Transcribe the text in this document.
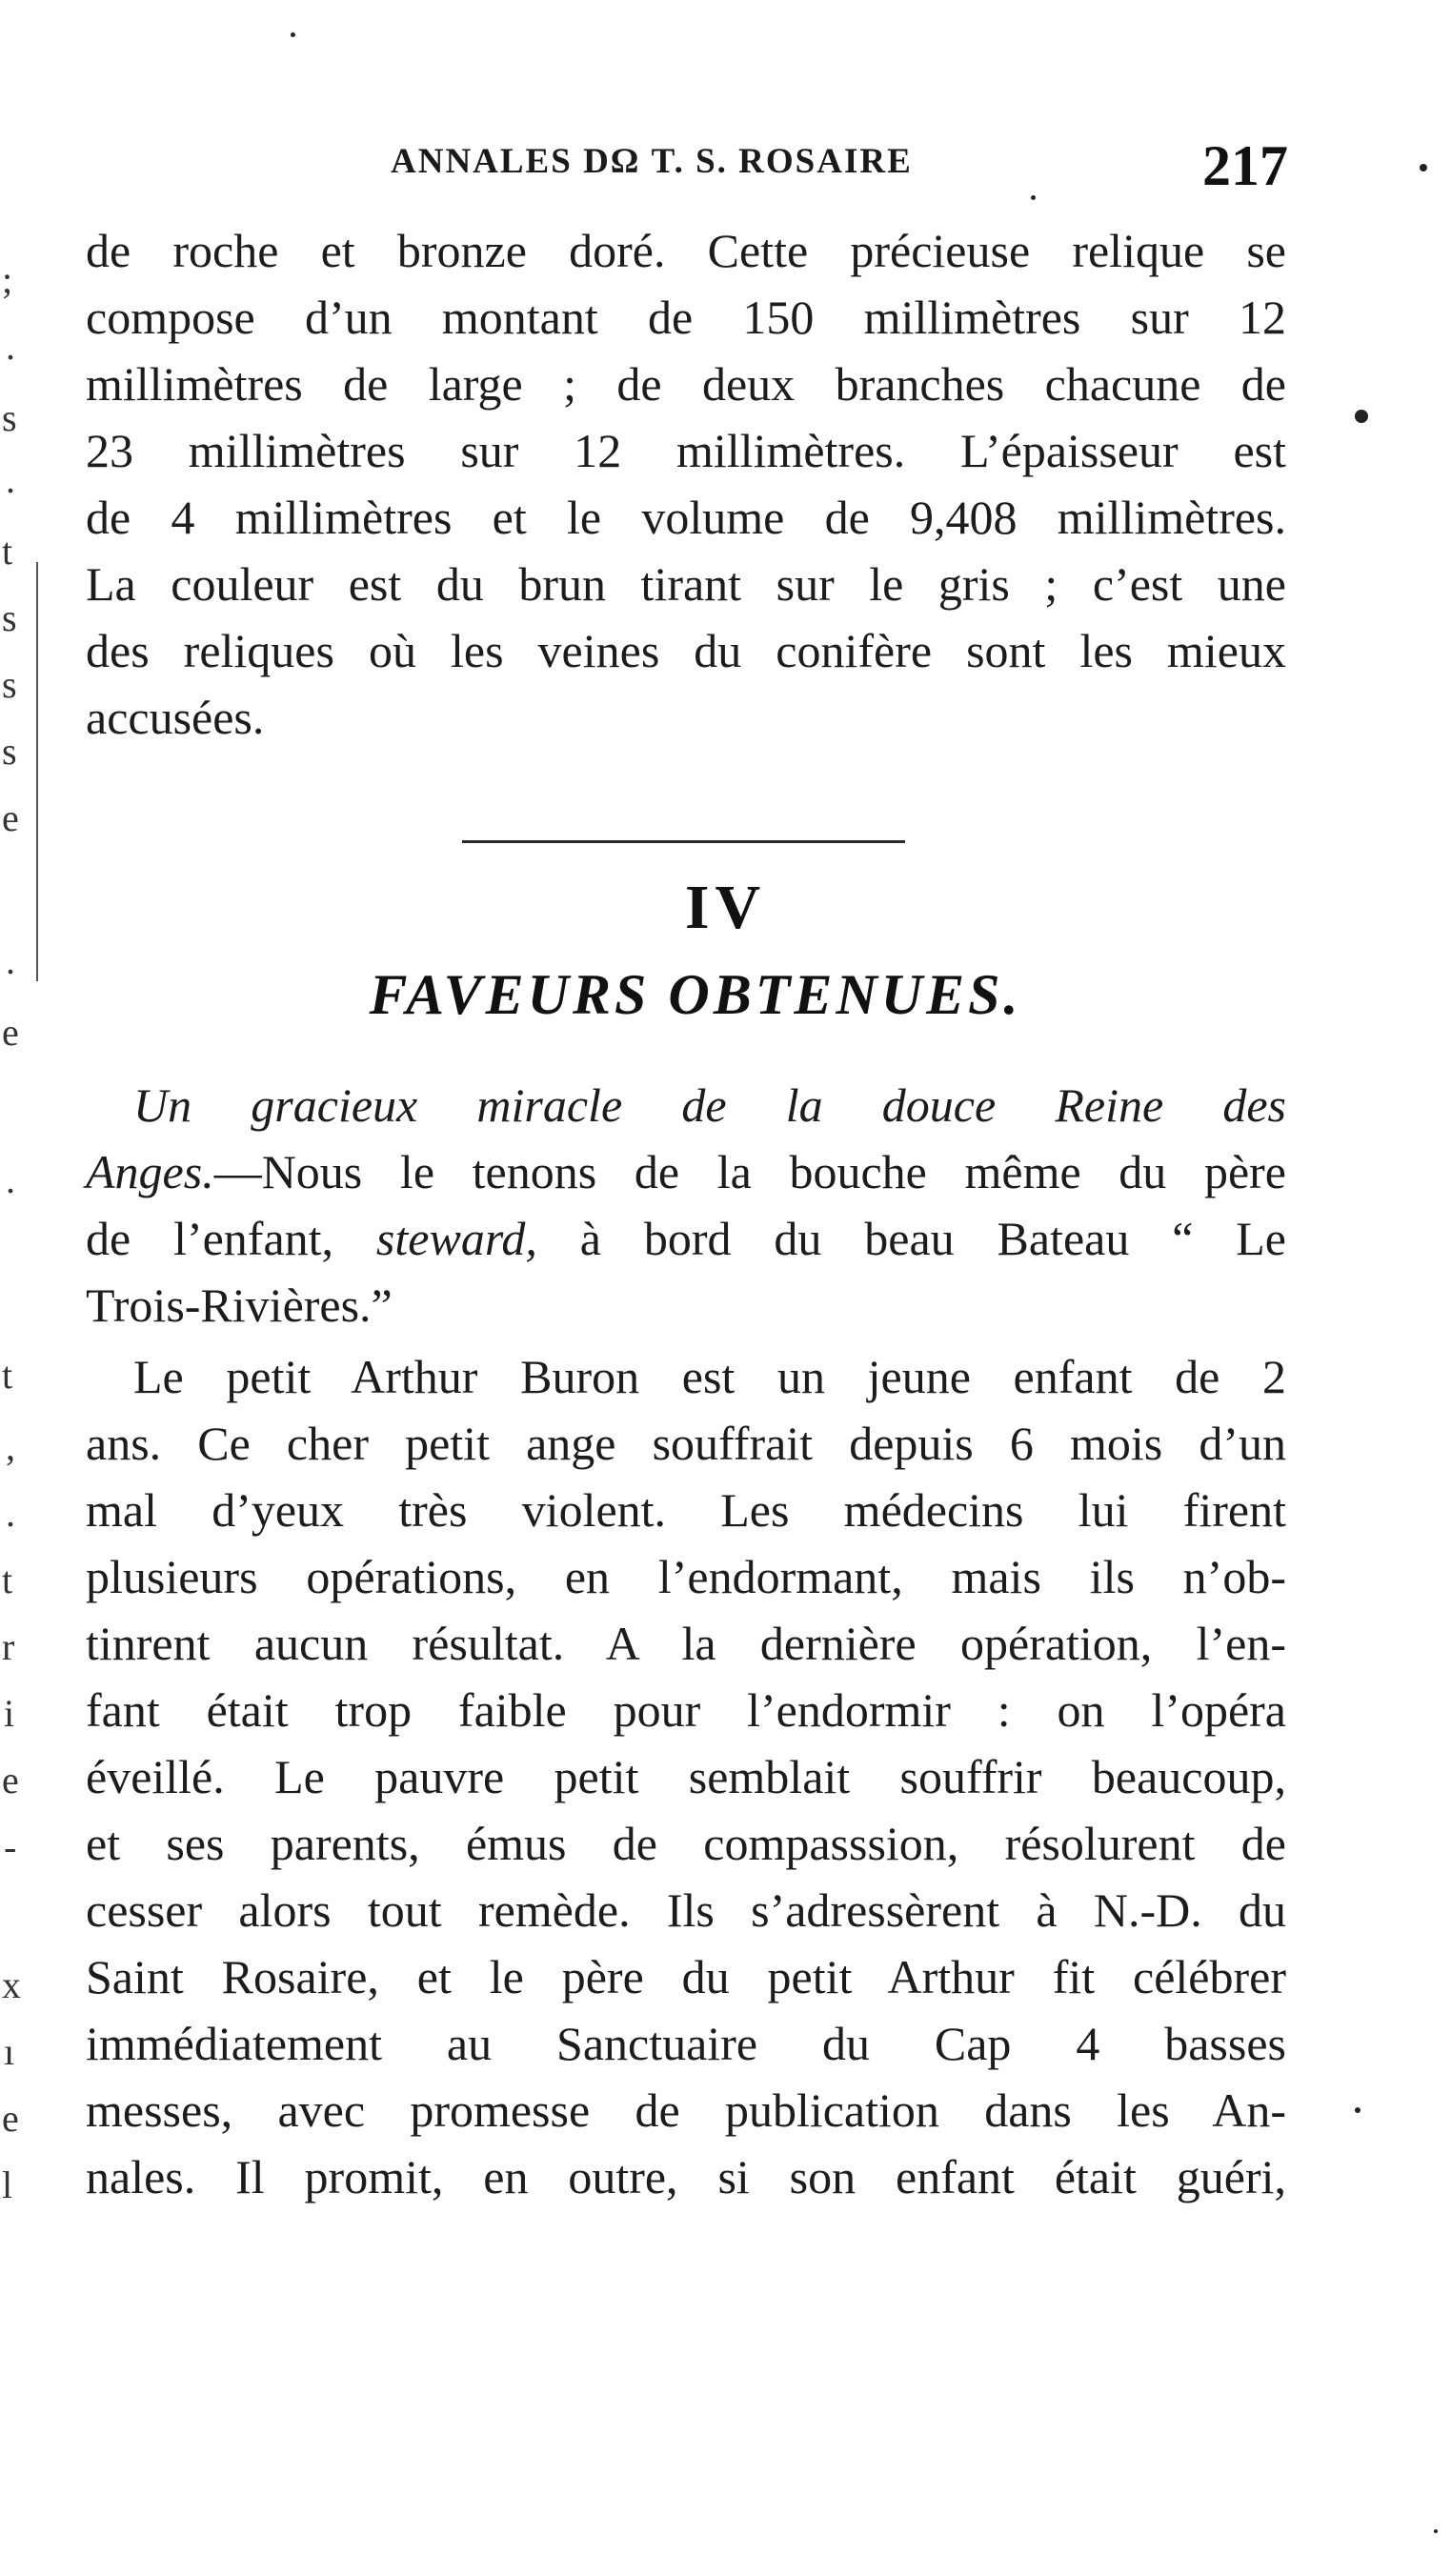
ANNALES DΩ T. S. ROSAIRE	217
de roche et bronze doré. Cette précieuse relique se
compose d’un montant de 150 millimètres sur 12
millimètres de large ; de deux branches chacune de
23 millimètres sur 12 millimètres. L’épaisseur est
de 4 millimètres et le volume de 9,408 millimètres.
La couleur est du brun tirant sur le gris ; c’est une
des reliques où les veines du conifère sont les mieux
accusées.
IV
FAVEURS OBTENUES.
Un gracieux miracle de la douce Reine des
Anges.—Nous le tenons de la bouche même du père
de l’enfant, steward, à bord du beau Bateau “ Le
Trois-Rivières.”
Le petit Arthur Buron est un jeune enfant de 2
ans. Ce cher petit ange souffrait depuis 6 mois d’un
mal d’yeux très violent. Les médecins lui firent
plusieurs opérations, en l’endormant, mais ils n’ob-
tinrent aucun résultat. A la dernière opération, l’en-
fant était trop faible pour l’endormir : on l’opéra
éveillé. Le pauvre petit semblait souffrir beaucoup,
et ses parents, émus de compasssion, résolurent de
cesser alors tout remède. Ils s’adressèrent à N.-D. du
Saint Rosaire, et le père du petit Arthur fit célébrer
immédiatement au Sanctuaire du Cap 4 basses
messes, avec promesse de publication dans les An-
nales. Il promit, en outre, si son enfant était guéri,
;
.
s
.
t
s
s
s
e
.
e
.
t
,
.
t
r
i
e
-
x
ı
e
l
